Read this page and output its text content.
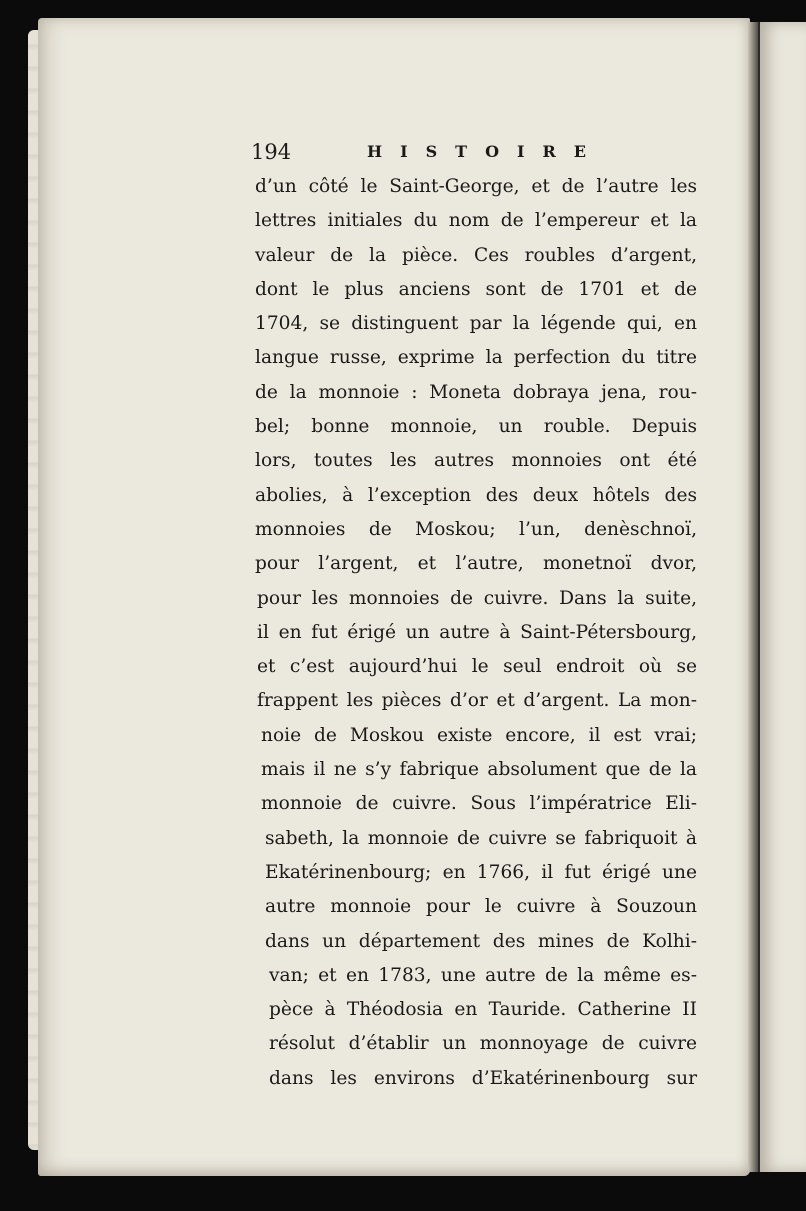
194	HISTOIRE
d’un côté le Saint-George, et de l’autre les
lettres initiales du nom de l’empereur et la
valeur de la pièce. Ces roubles d’argent,
dont le plus anciens sont de 1701 et de
1704, se distinguent par la légende qui, en
langue russe, exprime la perfection du titre
de la monnoie : Moneta dobraya jena, rou-
bel; bonne monnoie, un rouble. Depuis
lors, toutes les autres monnoies ont été
abolies, à l’exception des deux hôtels des
monnoies de Moskou; l’un, denèschnoï,
pour l’argent, et l’autre, monetnoï dvor,
pour les monnoies de cuivre. Dans la suite,
il en fut érigé un autre à Saint-Pétersbourg,
et c’est aujourd’hui le seul endroit où se
frappent les pièces d’or et d’argent. La mon-
noie de Moskou existe encore, il est vrai;
mais il ne s’y fabrique absolument que de la
monnoie de cuivre. Sous l’impératrice Eli-
sabeth, la monnoie de cuivre se fabriquoit à
Ekatérinenbourg; en 1766, il fut érigé une
autre monnoie pour le cuivre à Souzoun
dans un département des mines de Kolhi-
van; et en 1783, une autre de la même es-
pèce à Théodosia en Tauride. Catherine II
résolut d’établir un monnoyage de cuivre
dans les environs d’Ekatérinenbourg sur
